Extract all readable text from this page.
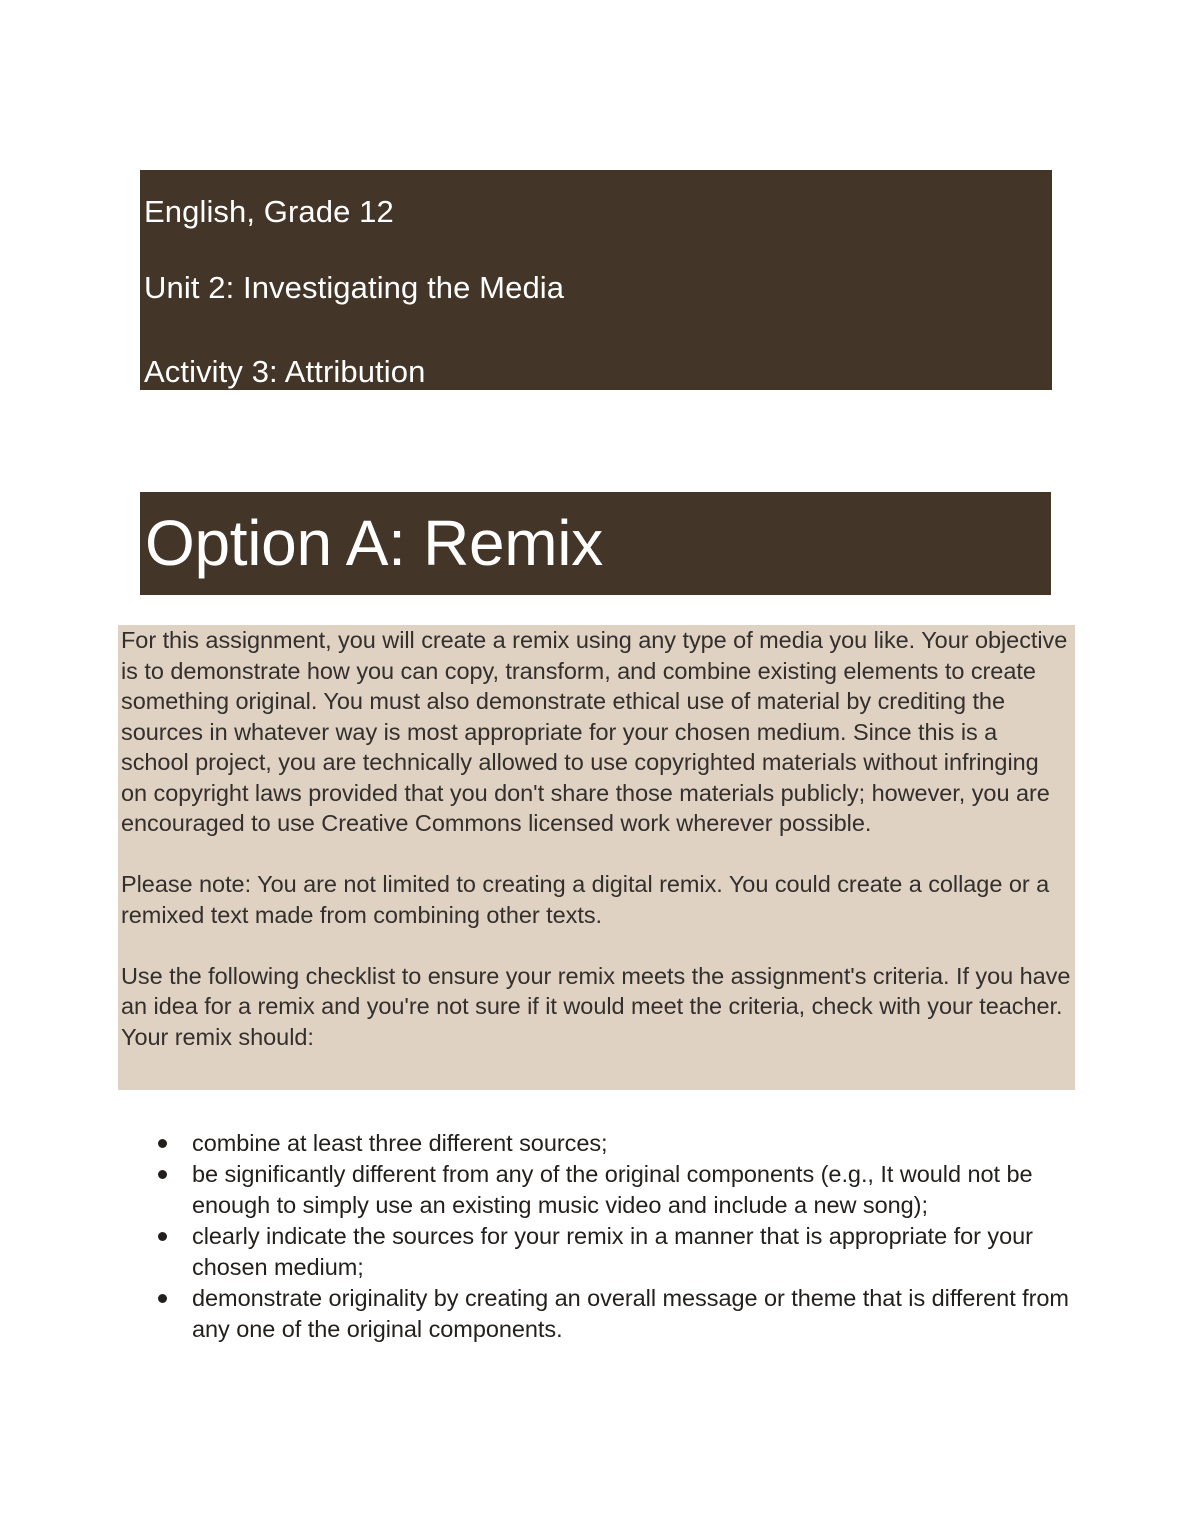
English, Grade 12
Unit 2: Investigating the Media
Activity 3: Attribution
Option A: Remix

For this assignment, you will create a remix using any type of media you like. Your objective is to demonstrate how you can copy, transform, and combine existing elements to create something original. You must also demonstrate ethical use of material by crediting the sources in whatever way is most appropriate for your chosen medium. Since this is a school project, you are technically allowed to use copyrighted materials without infringing on copyright laws provided that you don't share those materials publicly; however, you are encouraged to use Creative Commons licensed work wherever possible.

Please note: You are not limited to creating a digital remix. You could create a collage or a remixed text made from combining other texts.

Use the following checklist to ensure your remix meets the assignment's criteria. If you have an idea for a remix and you're not sure if it would meet the criteria, check with your teacher. Your remix should:

combine at least three different sources;
be significantly different from any of the original components (e.g., It would not be enough to simply use an existing music video and include a new song);
clearly indicate the sources for your remix in a manner that is appropriate for your chosen medium;
demonstrate originality by creating an overall message or theme that is different from any one of the original components.
